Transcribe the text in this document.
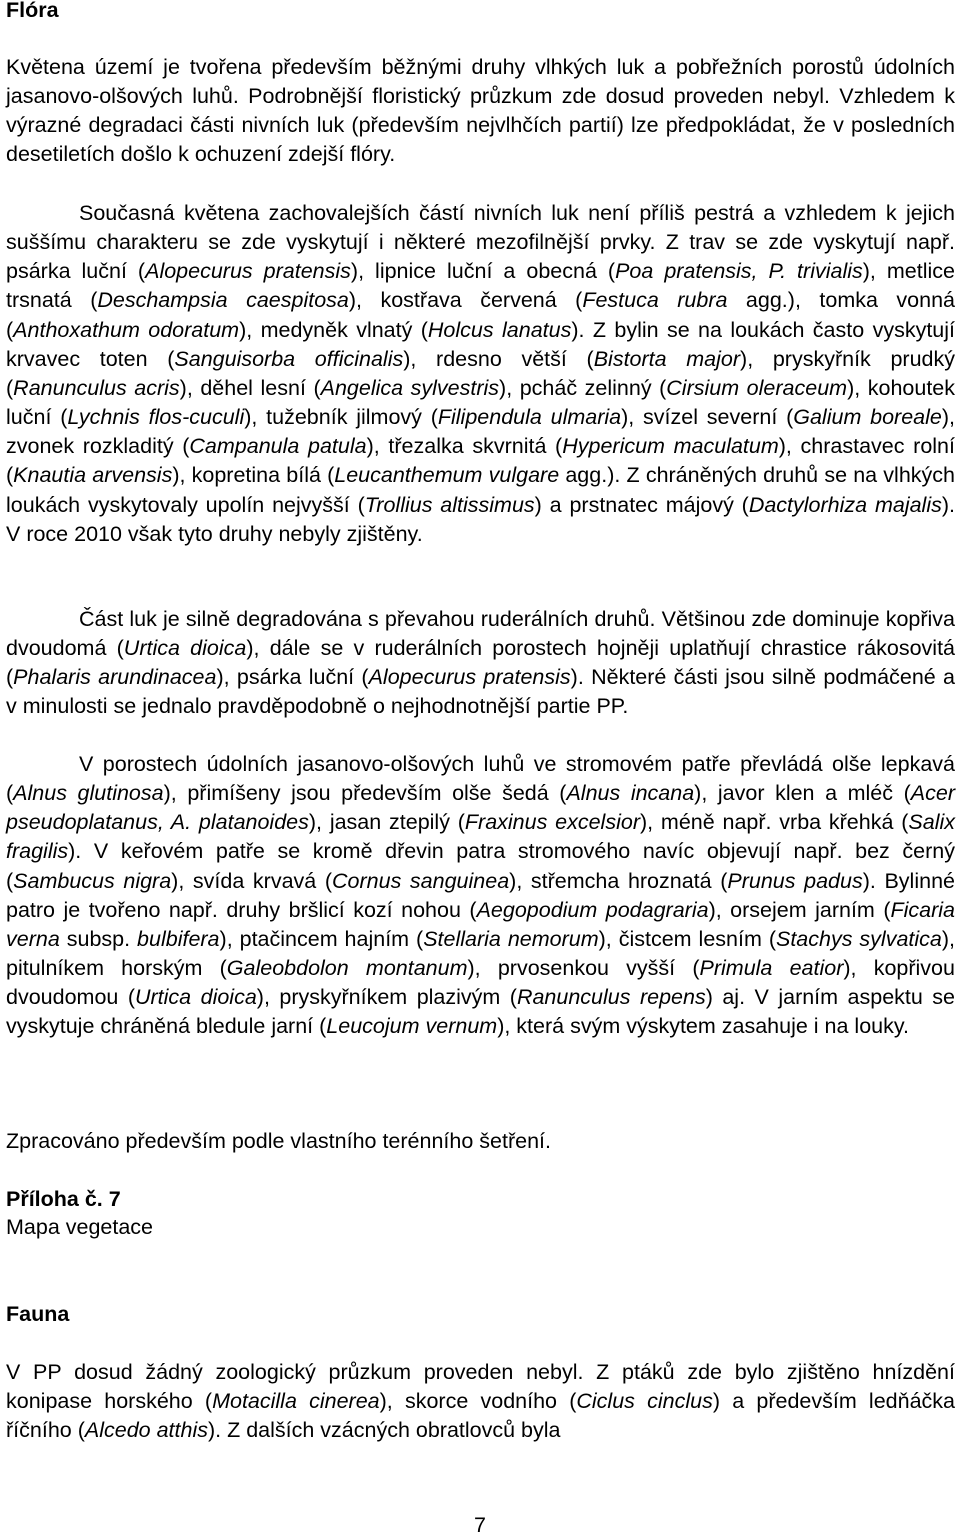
Flóra

Květena území je tvořena především běžnými druhy vlhkých luk a pobřežních porostů údolních jasanovo-olšových luhů. Podrobnější floristický průzkum zde dosud proveden nebyl. Vzhledem k výrazné degradaci části nivních luk (především nejvlhčích partií) lze předpokládat, že v posledních desetiletích došlo k ochuzení zdejší flóry.

Současná květena zachovalejších částí nivních luk není příliš pestrá a vzhledem k jejich suššímu charakteru se zde vyskytují i některé mezofilnější prvky. Z trav se zde vyskytují např. psárka luční (Alopecurus pratensis), lipnice luční a obecná (Poa pratensis, P. trivialis), metlice trsnatá (Deschampsia caespitosa), kostřava červená (Festuca rubra agg.), tomka vonná (Anthoxathum odoratum), medyněk vlnatý (Holcus lanatus). Z bylin se na loukách často vyskytují krvavec toten (Sanguisorba officinalis), rdesno větší (Bistorta major), pryskyřník prudký (Ranunculus acris), děhel lesní (Angelica sylvestris), pcháč zelinný (Cirsium oleraceum), kohoutek luční (Lychnis flos-cuculi), tužebník jilmový (Filipendula ulmaria), svízel severní (Galium boreale), zvonek rozkladitý (Campanula patula), třezalka skvrnitá (Hypericum maculatum), chrastavec rolní (Knautia arvensis), kopretina bílá (Leucanthemum vulgare agg.). Z chráněných druhů se na vlhkých loukách vyskytovaly upolín nejvyšší (Trollius altissimus) a prstnatec májový (Dactylorhiza majalis). V roce 2010 však tyto druhy nebyly zjištěny.

Část luk je silně degradována s převahou ruderálních druhů. Většinou zde dominuje kopřiva dvoudomá (Urtica dioica), dále se v ruderálních porostech hojněji uplatňují chrastice rákosovitá (Phalaris arundinacea), psárka luční (Alopecurus pratensis). Některé části jsou silně podmáčené a v minulosti se jednalo pravděpodobně o nejhodnotnější partie PP.

V porostech údolních jasanovo-olšových luhů ve stromovém patře převládá olše lepkavá (Alnus glutinosa), přimíšeny jsou především olše šedá (Alnus incana), javor klen a mléč (Acer pseudoplatanus, A. platanoides), jasan ztepilý (Fraxinus excelsior), méně např. vrba křehká (Salix fragilis). V keřovém patře se kromě dřevin patra stromového navíc objevují např. bez černý (Sambucus nigra), svída krvavá (Cornus sanguinea), střemcha hroznatá (Prunus padus). Bylinné patro je tvořeno např. druhy bršlicí kozí nohou (Aegopodium podagraria), orsejem jarním (Ficaria verna subsp. bulbifera), ptačincem hajním (Stellaria nemorum), čistcem lesním (Stachys sylvatica), pitulníkem horským (Galeobdolon montanum), prvosenkou vyšší (Primula eatior), kopřivou dvoudomou (Urtica dioica), pryskyřníkem plazivým (Ranunculus repens) aj. V jarním aspektu se vyskytuje chráněná bledule jarní (Leucojum vernum), která svým výskytem zasahuje i na louky.

Zpracováno především podle vlastního terénního šetření.

Příloha č. 7

Mapa vegetace

Fauna

V PP dosud žádný zoologický průzkum proveden nebyl. Z ptáků zde bylo zjištěno hnízdění konipase horského (Motacilla cinerea), skorce vodního (Ciclus cinclus) a především ledňáčka říčního (Alcedo atthis). Z dalších vzácných obratlovců byla

7
